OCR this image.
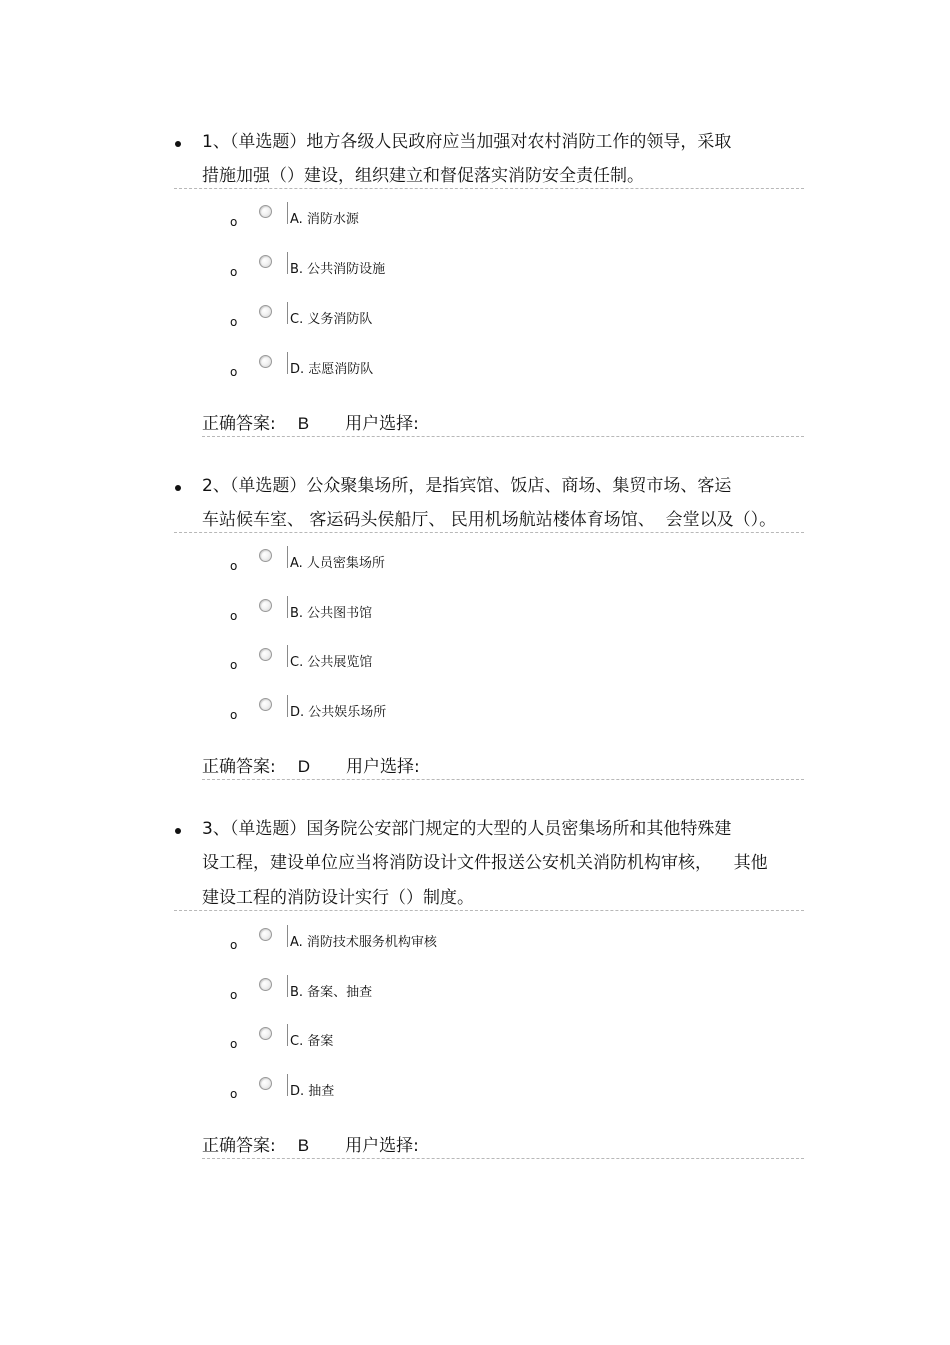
1、（单选题）地方各级人民政府应当加强对农村消防工作的领导，采取
措施加强（）建设，组织建立和督促落实消防安全责任制。
o	A. 消防水源
o	B. 公共消防设施
o	C. 义务消防队
o	D. 志愿消防队
正确答案: B 用户选择:
2、（单选题）公众聚集场所，是指宾馆、饭店、商场、集贸市场、客运
车站候车室、 客运码头侯船厅、 民用机场航站楼体育场馆、  会堂以及（）。
o	A. 人员密集场所
o	B. 公共图书馆
o	C. 公共展览馆
o	D. 公共娱乐场所
正确答案: D 用户选择:
3、（单选题）国务院公安部门规定的大型的人员密集场所和其他特殊建
设工程，建设单位应当将消防设计文件报送公安机关消防机构审核，    其他
建设工程的消防设计实行（）制度。
o	A. 消防技术服务机构审核
o	B. 备案、抽查
o	C. 备案
o	D. 抽查
正确答案: B 用户选择:
